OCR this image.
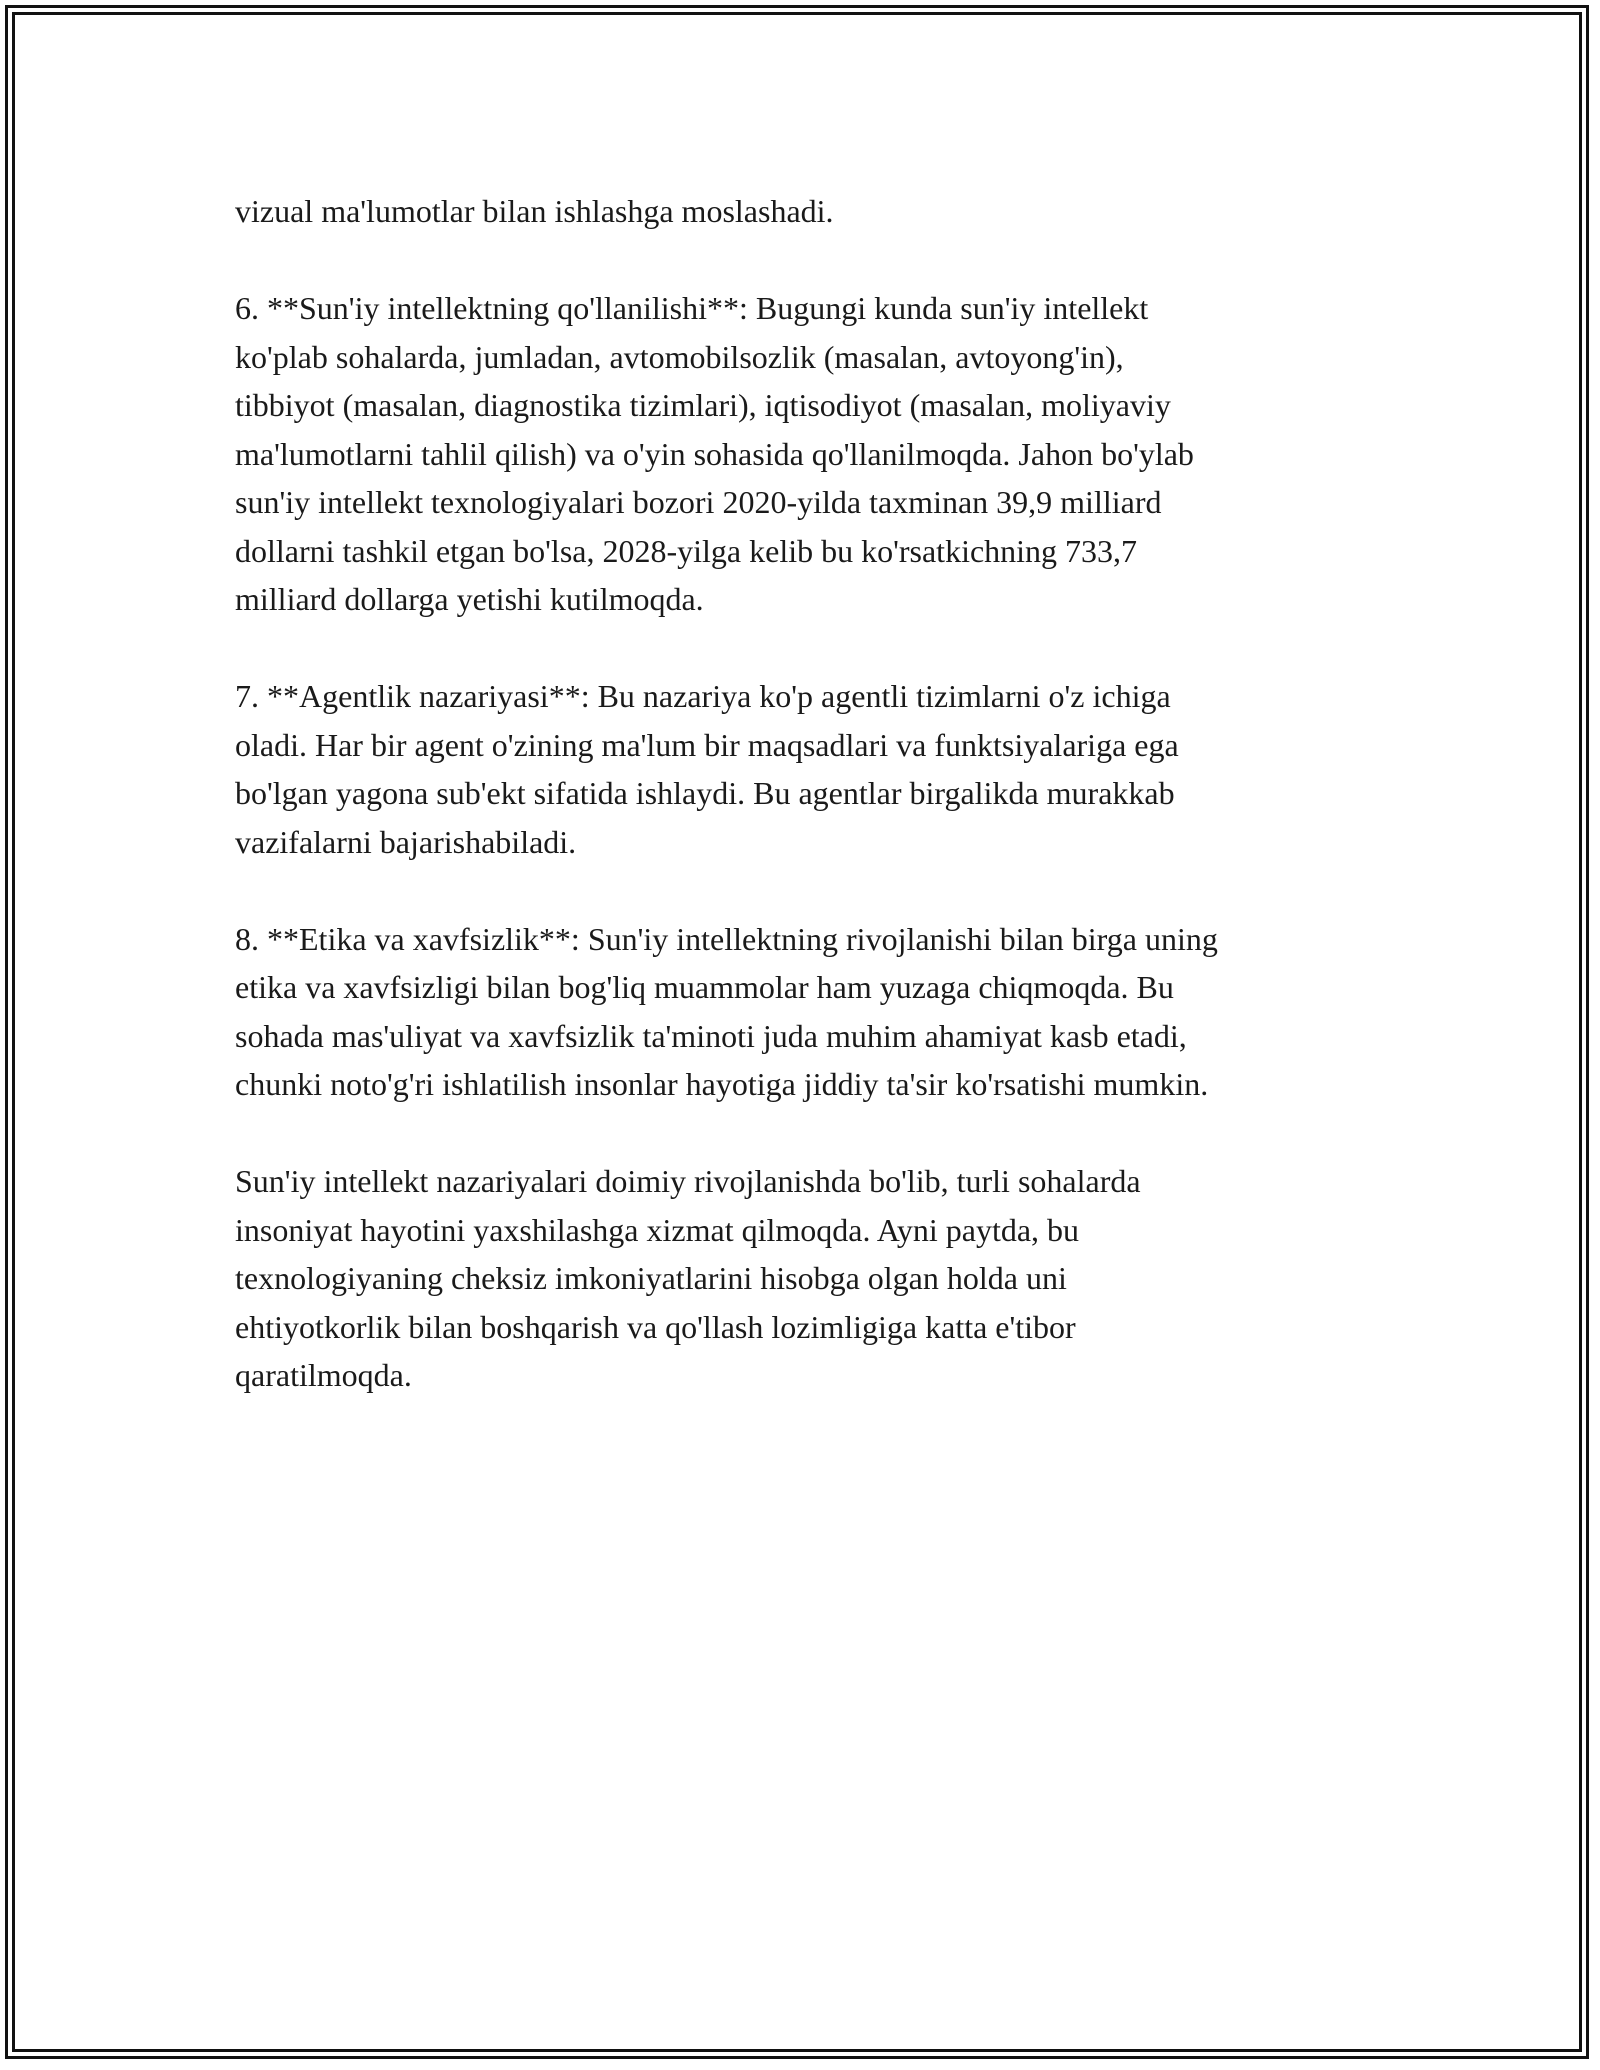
vizual ma'lumotlar bilan ishlashga moslashadi.

6. **Sun'iy intellektning qo'llanilishi**: Bugungi kunda sun'iy intellekt
ko'plab sohalarda, jumladan, avtomobilsozlik (masalan, avtoyong'in),
tibbiyot (masalan, diagnostika tizimlari), iqtisodiyot (masalan, moliyaviy
ma'lumotlarni tahlil qilish) va o'yin sohasida qo'llanilmoqda. Jahon bo'ylab
sun'iy intellekt texnologiyalari bozori 2020-yilda taxminan 39,9 milliard
dollarni tashkil etgan bo'lsa, 2028-yilga kelib bu ko'rsatkichning 733,7
milliard dollarga yetishi kutilmoqda.

7. **Agentlik nazariyasi**: Bu nazariya ko'p agentli tizimlarni o'z ichiga
oladi. Har bir agent o'zining ma'lum bir maqsadlari va funktsiyalariga ega
bo'lgan yagona sub'ekt sifatida ishlaydi. Bu agentlar birgalikda murakkab
vazifalarni bajarishabiladi.

8. **Etika va xavfsizlik**: Sun'iy intellektning rivojlanishi bilan birga uning
etika va xavfsizligi bilan bog'liq muammolar ham yuzaga chiqmoqda. Bu
sohada mas'uliyat va xavfsizlik ta'minoti juda muhim ahamiyat kasb etadi,
chunki noto'g'ri ishlatilish insonlar hayotiga jiddiy ta'sir ko'rsatishi mumkin.

Sun'iy intellekt nazariyalari doimiy rivojlanishda bo'lib, turli sohalarda
insoniyat hayotini yaxshilashga xizmat qilmoqda. Ayni paytda, bu
texnologiyaning cheksiz imkoniyatlarini hisobga olgan holda uni
ehtiyotkorlik bilan boshqarish va qo'llash lozimligiga katta e'tibor
qaratilmoqda.
